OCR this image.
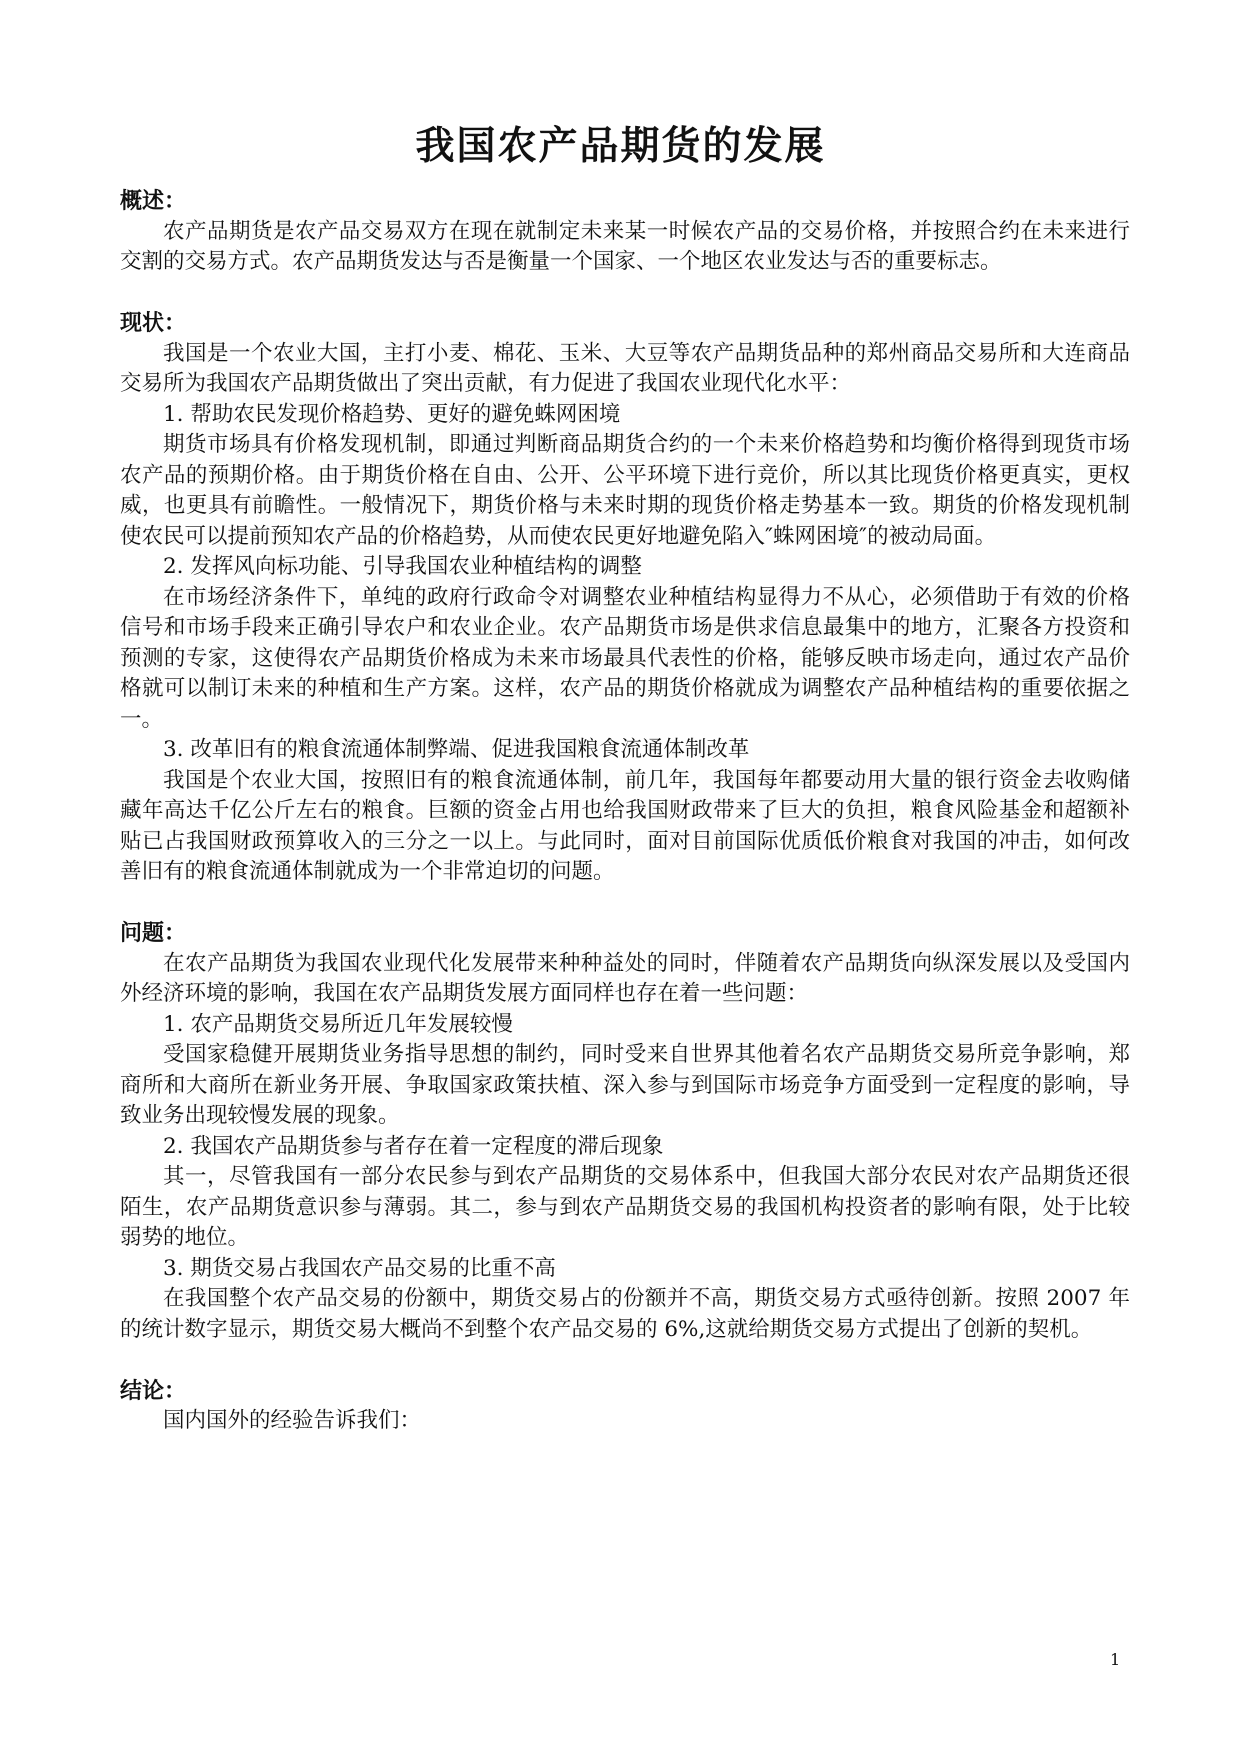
我国农产品期货的发展
概述：

农产品期货是农产品交易双方在现在就制定未来某一时候农产品的交易价格，并按照合约在未来进行交割的交易方式。农产品期货发达与否是衡量一个国家、一个地区农业发达与否的重要标志。

现状：

我国是一个农业大国，主打小麦、棉花、玉米、大豆等农产品期货品种的郑州商品交易所和大连商品交易所为我国农产品期货做出了突出贡献，有力促进了我国农业现代化水平：

1. 帮助农民发现价格趋势、更好的避免蛛网困境

期货市场具有价格发现机制，即通过判断商品期货合约的一个未来价格趋势和均衡价格得到现货市场农产品的预期价格。由于期货价格在自由、公开、公平环境下进行竞价，所以其比现货价格更真实，更权威，也更具有前瞻性。一般情况下，期货价格与未来时期的现货价格走势基本一致。期货的价格发现机制使农民可以提前预知农产品的价格趋势，从而使农民更好地避免陷入″蛛网困境″的被动局面。

2. 发挥风向标功能、引导我国农业种植结构的调整

在市场经济条件下，单纯的政府行政命令对调整农业种植结构显得力不从心，必须借助于有效的价格信号和市场手段来正确引导农户和农业企业。农产品期货市场是供求信息最集中的地方，汇聚各方投资和预测的专家，这使得农产品期货价格成为未来市场最具代表性的价格，能够反映市场走向，通过农产品价格就可以制订未来的种植和生产方案。这样，农产品的期货价格就成为调整农产品种植结构的重要依据之一。

3. 改革旧有的粮食流通体制弊端、促进我国粮食流通体制改革

我国是个农业大国，按照旧有的粮食流通体制，前几年，我国每年都要动用大量的银行资金去收购储藏年高达千亿公斤左右的粮食。巨额的资金占用也给我国财政带来了巨大的负担，粮食风险基金和超额补贴已占我国财政预算收入的三分之一以上。与此同时，面对目前国际优质低价粮食对我国的冲击，如何改善旧有的粮食流通体制就成为一个非常迫切的问题。

问题：

在农产品期货为我国农业现代化发展带来种种益处的同时，伴随着农产品期货向纵深发展以及受国内外经济环境的影响，我国在农产品期货发展方面同样也存在着一些问题：

1. 农产品期货交易所近几年发展较慢

受国家稳健开展期货业务指导思想的制约，同时受来自世界其他着名农产品期货交易所竞争影响，郑商所和大商所在新业务开展、争取国家政策扶植、深入参与到国际市场竞争方面受到一定程度的影响，导致业务出现较慢发展的现象。

2. 我国农产品期货参与者存在着一定程度的滞后现象

其一，尽管我国有一部分农民参与到农产品期货的交易体系中，但我国大部分农民对农产品期货还很陌生，农产品期货意识参与薄弱。其二，参与到农产品期货交易的我国机构投资者的影响有限，处于比较弱势的地位。

3. 期货交易占我国农产品交易的比重不高

在我国整个农产品交易的份额中，期货交易占的份额并不高，期货交易方式亟待创新。按照 2007 年的统计数字显示，期货交易大概尚不到整个农产品交易的 6%,这就给期货交易方式提出了创新的契机。

结论：

国内国外的经验告诉我们：

1
